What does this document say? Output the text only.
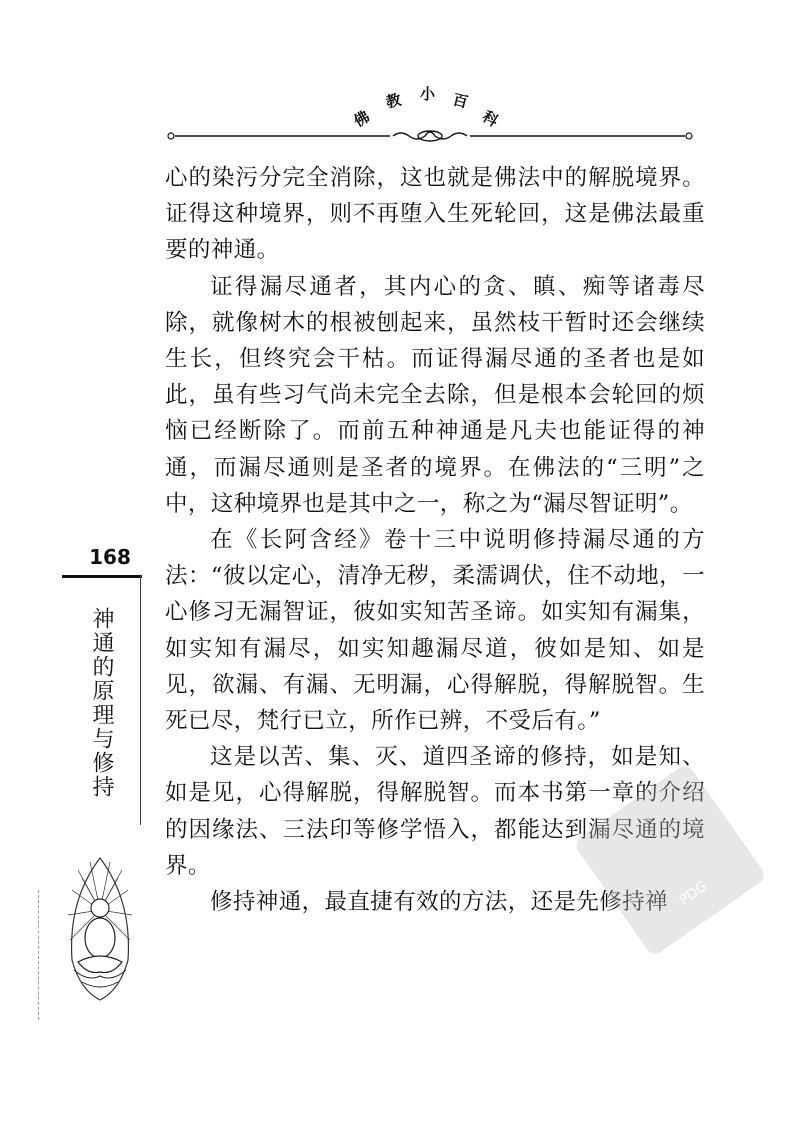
佛
教 小 百
科

心的染污分完全消除，这也就是佛法中的解脱境界。证得这种境界，则不再堕入生死轮回，这是佛法最重要的神通。

证得漏尽通者，其内心的贪、瞋、痴等诸毒尽除，就像树木的根被刨起来，虽然枝干暂时还会继续生长，但终究会干枯。而证得漏尽通的圣者也是如此，虽有些习气尚未完全去除，但是根本会轮回的烦恼已经断除了。而前五种神通是凡夫也能证得的神通，而漏尽通则是圣者的境界。在佛法的“三明”之中，这种境界也是其中之一，称之为“漏尽智证明”。

在《长阿含经》卷十三中说明修持漏尽通的方法：“彼以定心，清净无秽，柔濡调伏，住不动地，一心修习无漏智证，彼如实知苦圣谛。如实知有漏集，如实知有漏尽，如实知趣漏尽道，彼如是知、如是见，欲漏、有漏、无明漏，心得解脱，得解脱智。生死已尽，梵行已立，所作已辨，不受后有。”

这是以苦、集、灭、道四圣谛的修持，如是知、如是见，心得解脱，得解脱智。而本书第一章的介绍的因缘法、三法印等修学悟入，都能达到漏尽通的境界。

修持神通，最直捷有效的方法，还是先修持禅

168
神通的原理与修持
PDG
